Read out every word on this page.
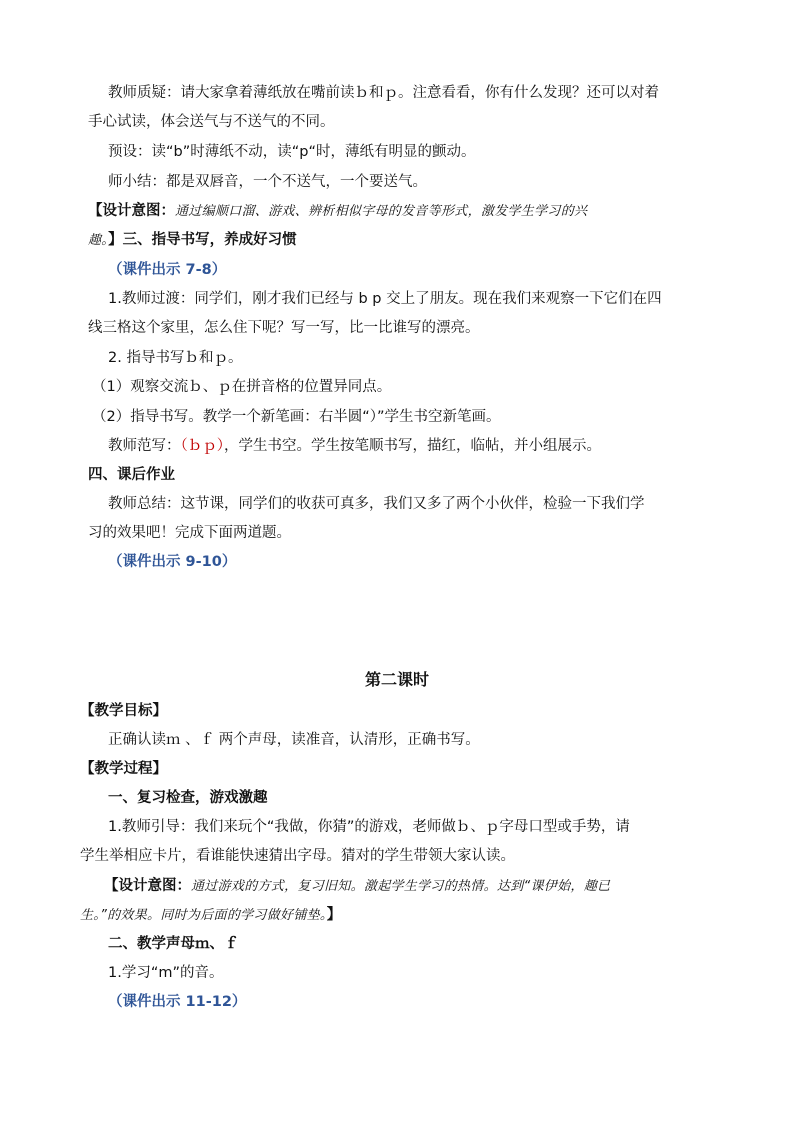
教师质疑：请大家拿着薄纸放在嘴前读ｂ和ｐ。注意看看，你有什么发现？还可以对着
手心试读，体会送气与不送气的不同。
预设：读“b”时薄纸不动，读“p“时，薄纸有明显的颤动。
师小结：都是双唇音，一个不送气，一个要送气。
【设计意图：通过编顺口溜、游戏、辨析相似字母的发音等形式，激发学生学习的兴
趣。】三、指导书写，养成好习惯
（课件出示 7-8）
1.教师过渡：同学们，刚才我们已经与 b p 交上了朋友。现在我们来观察一下它们在四
线三格这个家里，怎么住下呢？写一写，比一比谁写的漂亮。
2. 指导书写ｂ和ｐ。
（1）观察交流ｂ、ｐ在拼音格的位置异同点。
（2）指导书写。教学一个新笔画：右半圆“）”学生书空新笔画。
教师范写：（ｂｐ），学生书空。学生按笔顺书写，描红，临帖，并小组展示。
四、课后作业
教师总结：这节课，同学们的收获可真多，我们又多了两个小伙伴，检验一下我们学
习的效果吧！完成下面两道题。
（课件出示 9-10）
第二课时
【教学目标】
正确认读ｍ 、ｆ 两个声母，读准音，认清形，正确书写。
【教学过程】
一、复习检查，游戏激趣
1.教师引导：我们来玩个“我做，你猜”的游戏，老师做ｂ、ｐ字母口型或手势，请
学生举相应卡片，看谁能快速猜出字母。猜对的学生带领大家认读。
【设计意图：通过游戏的方式，复习旧知。激起学生学习的热情。达到“课伊始，趣已
生。”的效果。同时为后面的学习做好铺垫。】
二、教学声母ｍ、ｆ
1.学习“m”的音。
（课件出示 11-12）
